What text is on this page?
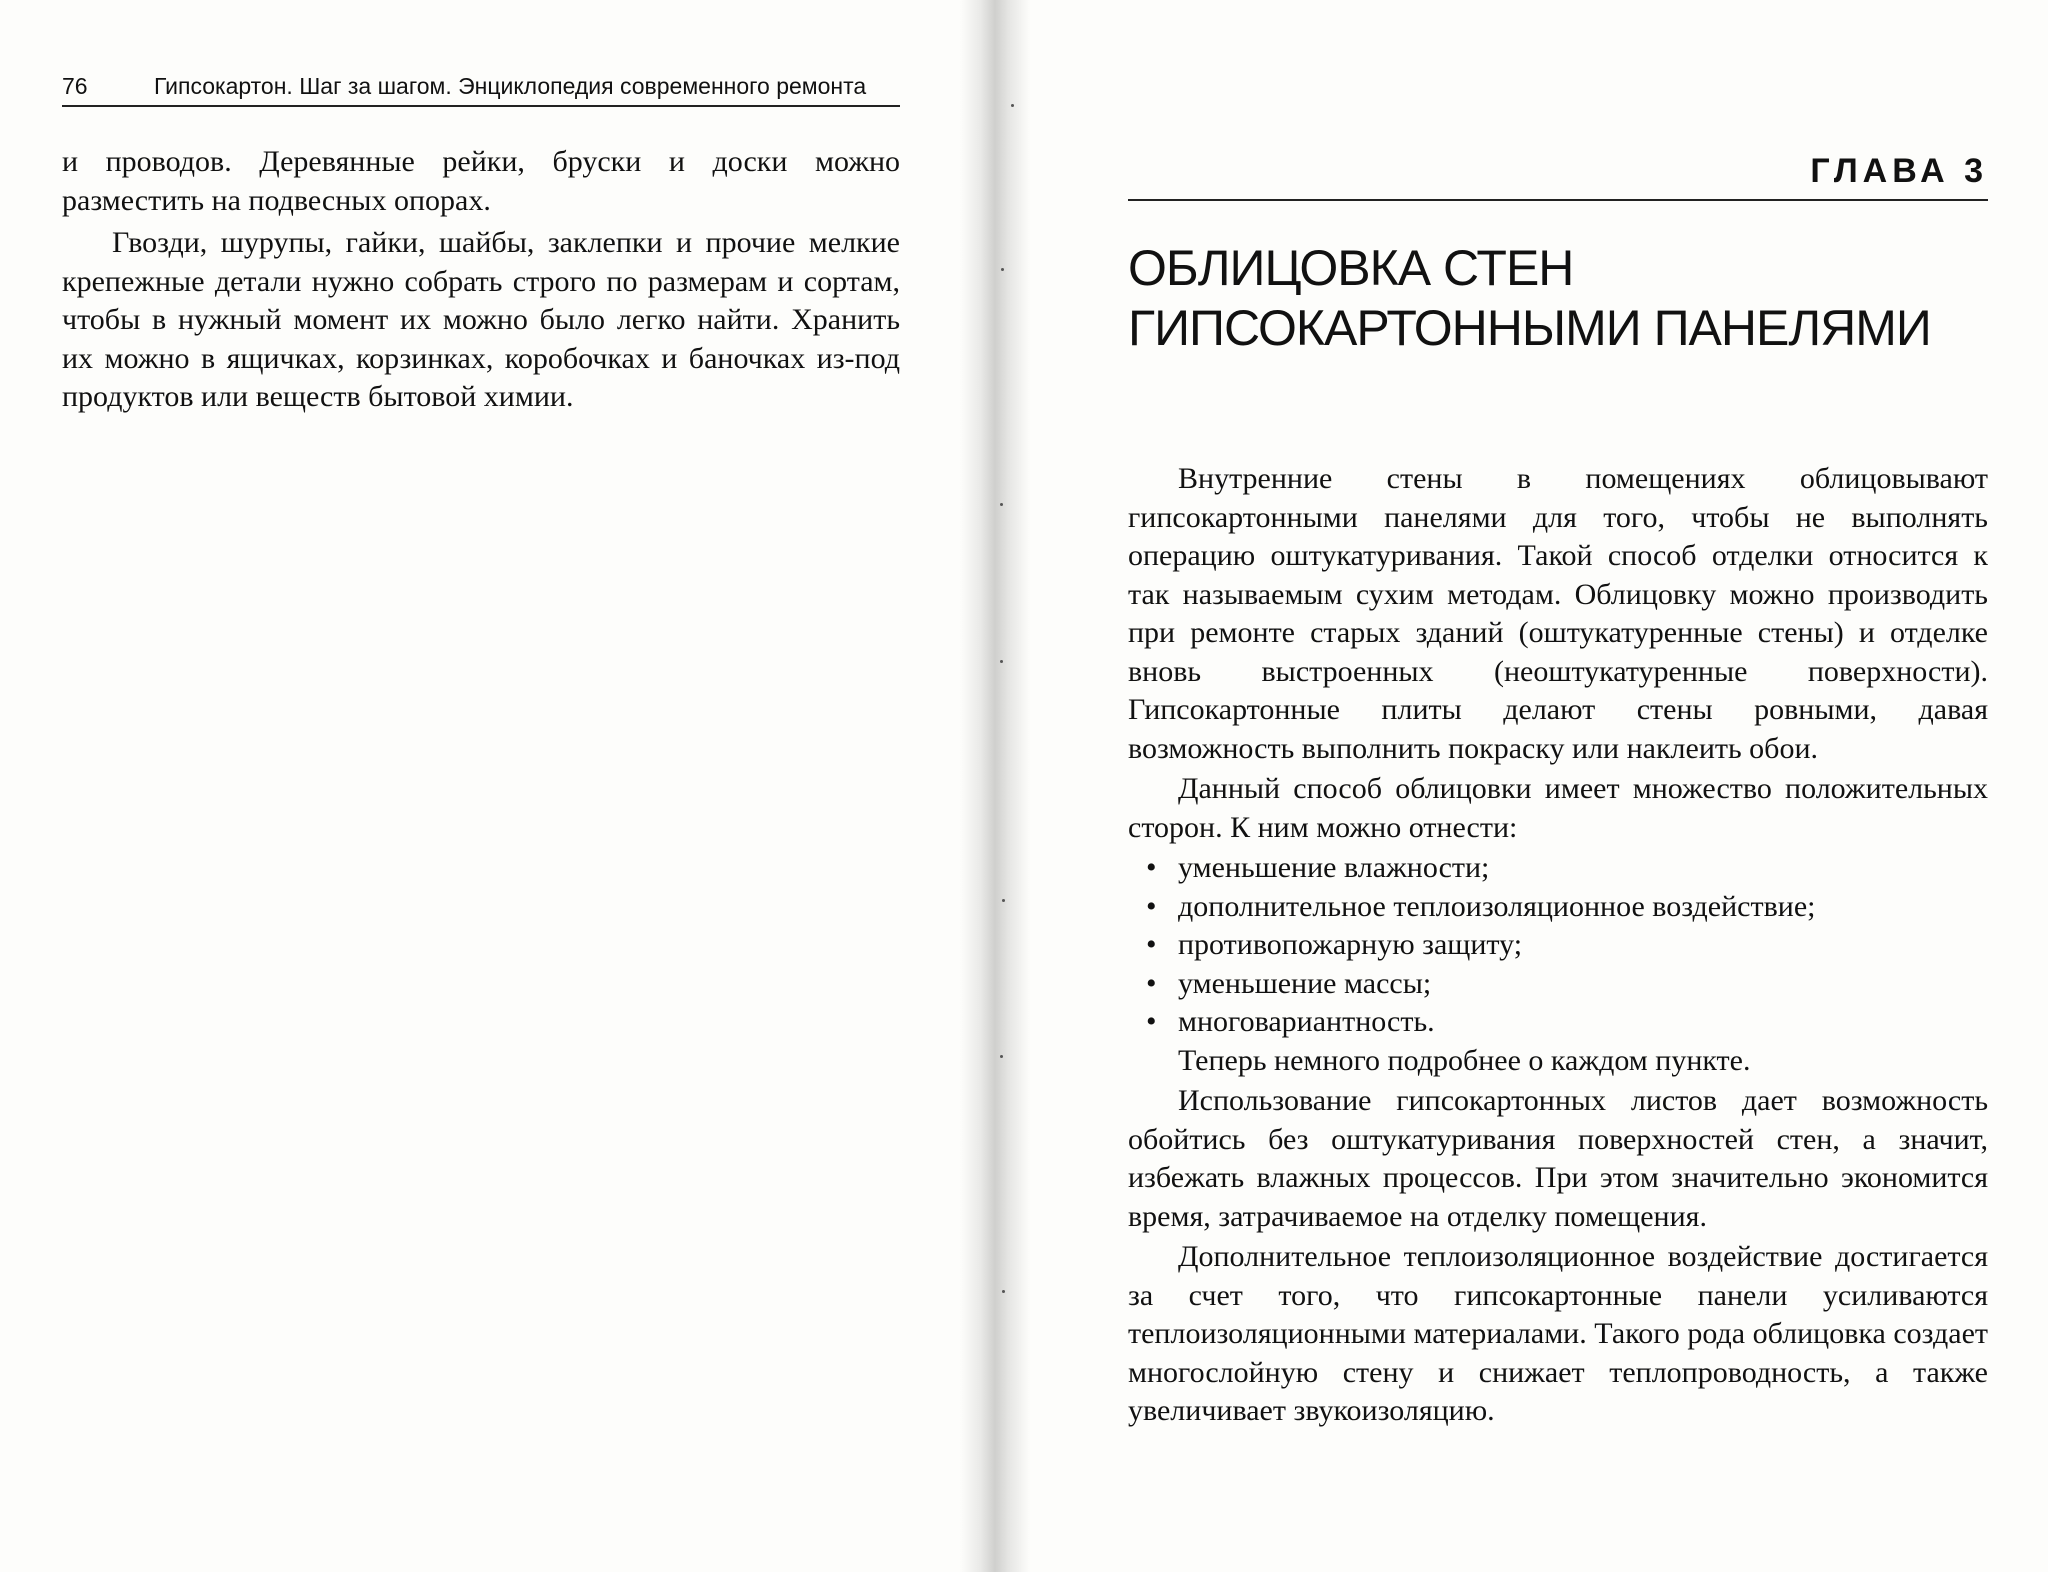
76	Гипсокартон. Шаг за шагом. Энциклопедия современного ремонта

и проводов. Деревянные рейки, бруски и доски можно разместить на подвесных опорах.

Гвозди, шурупы, гайки, шайбы, заклепки и прочие мелкие крепежные детали нужно собрать строго по размерам и сортам, чтобы в нужный момент их можно было легко найти. Хранить их можно в ящичках, корзинках, коробочках и баночках из-под продуктов или веществ бытовой химии.

ГЛАВА 3
ОБЛИЦОВКА СТЕН
ГИПСОКАРТОННЫМИ ПАНЕЛЯМИ

Внутренние стены в помещениях облицовывают гипсокартонными панелями для того, чтобы не выполнять операцию оштукатуривания. Такой способ отделки относится к так называемым сухим методам. Облицовку можно производить при ремонте старых зданий (оштукатуренные стены) и отделке вновь выстроенных (неоштукатуренные поверхности). Гипсокартонные плиты делают стены ровными, давая возможность выполнить покраску или наклеить обои.

Данный способ облицовки имеет множество положительных сторон. К ним можно отнести:

• уменьшение влажности;
• дополнительное теплоизоляционное воздействие;
• противопожарную защиту;
• уменьшение массы;
• многовариантность.

Теперь немного подробнее о каждом пункте.

Использование гипсокартонных листов дает возможность обойтись без оштукатуривания поверхностей стен, а значит, избежать влажных процессов. При этом значительно экономится время, затрачиваемое на отделку помещения.

Дополнительное теплоизоляционное воздействие достигается за счет того, что гипсокартонные панели усиливаются теплоизоляционными материалами. Такого рода облицовка создает многослойную стену и снижает теплопроводность, а также увеличивает звукоизоляцию.
